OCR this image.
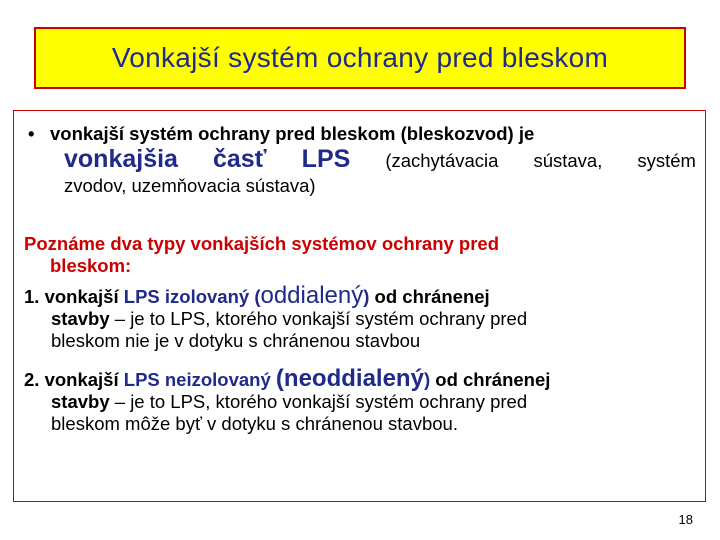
Vonkajší systém ochrany pred bleskom
• vonkajší systém ochrany pred bleskom (bleskozvod) je
vonkajšia časť LPS (zachytávacia sústava, systém
zvodov, uzemňovacia sústava)
Poznáme dva typy vonkajších systémov ochrany pred
bleskom:
1. vonkajší LPS izolovaný (oddialený) od chránenej
stavby – je to LPS, ktorého vonkajší systém ochrany pred
bleskom nie je v dotyku s chránenou stavbou
2. vonkajší LPS neizolovaný (neoddialený) od chránenej
stavby – je to LPS, ktorého vonkajší systém ochrany pred
bleskom môže byť v dotyku s chránenou stavbou.
18
